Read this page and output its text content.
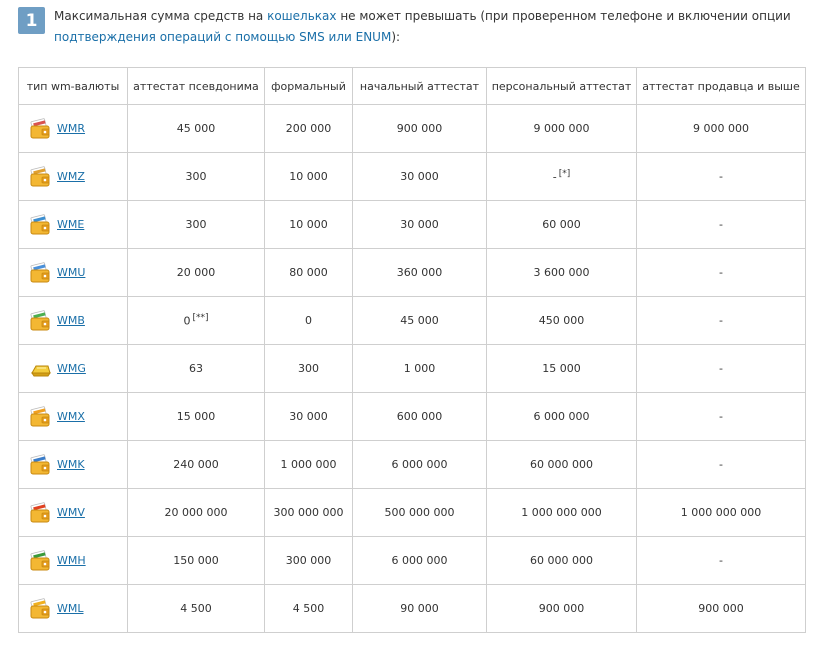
1	Максимальная сумма средств на кошельках не может превышать (при проверенном телефоне и включении опции подтверждения операций с помощью SMS или ENUM):
тип wm-валюты	аттестат псевдонима	формальный	начальный аттестат	персональный аттестат	аттестат продавца и выше

WMR	45 000	200 000	900 000	9 000 000	9 000 000

WMZ	300	10 000	30 000	- [*]	-

WME	300	10 000	30 000	60 000	-

WMU	20 000	80 000	360 000	3 600 000	-

WMB	0 [**]	0	45 000	450 000	-

WMG	63	300	1 000	15 000	-

WMX	15 000	30 000	600 000	6 000 000	-

WMK	240 000	1 000 000	6 000 000	60 000 000	-

WMV	20 000 000	300 000 000	500 000 000	1 000 000 000	1 000 000 000

WMH	150 000	300 000	6 000 000	60 000 000	-

WML	4 500	4 500	90 000	900 000	900 000
